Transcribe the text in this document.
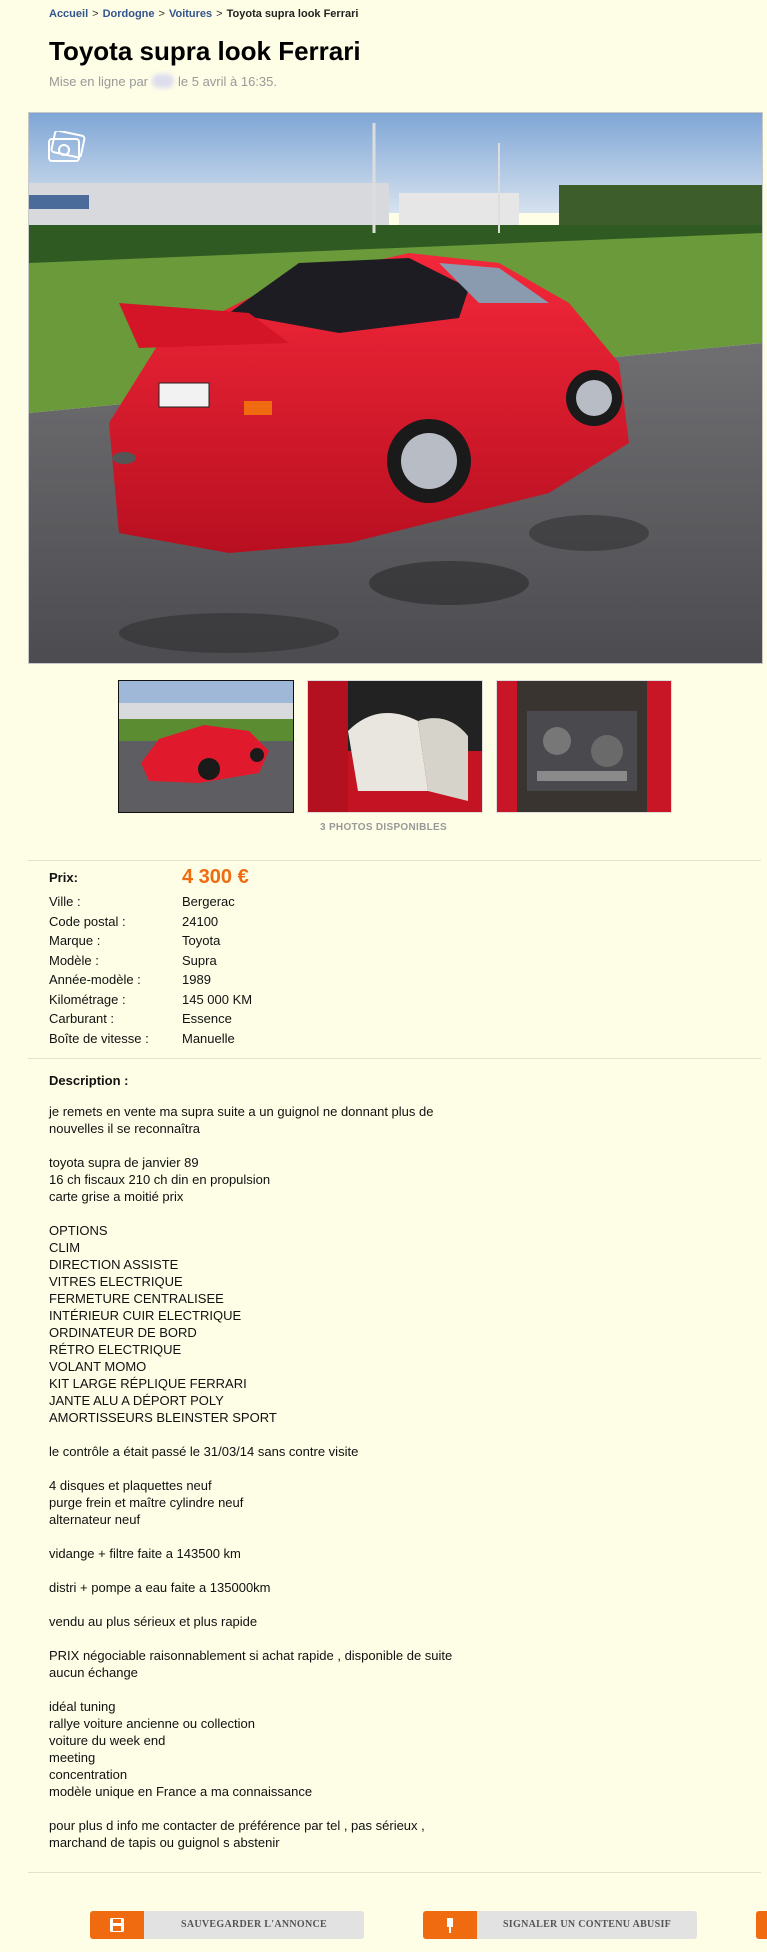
Accueil > Dordogne > Voitures > Toyota supra look Ferrari
Toyota supra look Ferrari
Mise en ligne par le 5 avril à 16:35.
3 PHOTOS DISPONIBLES
Prix:	4 300 €
Ville :	Bergerac
Code postal :	24100
Marque :	Toyota
Modèle :	Supra
Année-modèle :	1989
Kilométrage :	145 000 KM
Carburant :	Essence
Boîte de vitesse :	Manuelle
Description :
je remets en vente ma supra suite a un guignol ne donnant plus de
nouvelles il se reconnaîtra

toyota supra de janvier 89
16 ch fiscaux 210 ch din en propulsion
carte grise a moitié prix

OPTIONS
CLIM
DIRECTION ASSISTE
VITRES ELECTRIQUE
FERMETURE CENTRALISEE
INTÉRIEUR CUIR ELECTRIQUE
ORDINATEUR DE BORD
RÉTRO ELECTRIQUE
VOLANT MOMO
KIT LARGE RÉPLIQUE FERRARI
JANTE ALU A DÉPORT POLY
AMORTISSEURS BLEINSTER SPORT

le contrôle a était passé le 31/03/14 sans contre visite

4 disques et plaquettes neuf
purge frein et maître cylindre neuf
alternateur neuf

vidange + filtre faite a 143500 km

distri + pompe a eau faite a 135000km

vendu au plus sérieux et plus rapide

PRIX négociable raisonnablement si achat rapide , disponible de suite
aucun échange

idéal tuning
rallye voiture ancienne ou collection
voiture du week end
meeting
concentration
modèle unique en France a ma connaissance

pour plus d info me contacter de préférence par tel , pas sérieux ,
marchand de tapis ou guignol s abstenir
SAUVEGARDER L'ANNONCE	SIGNALER UN CONTENU ABUSIF
